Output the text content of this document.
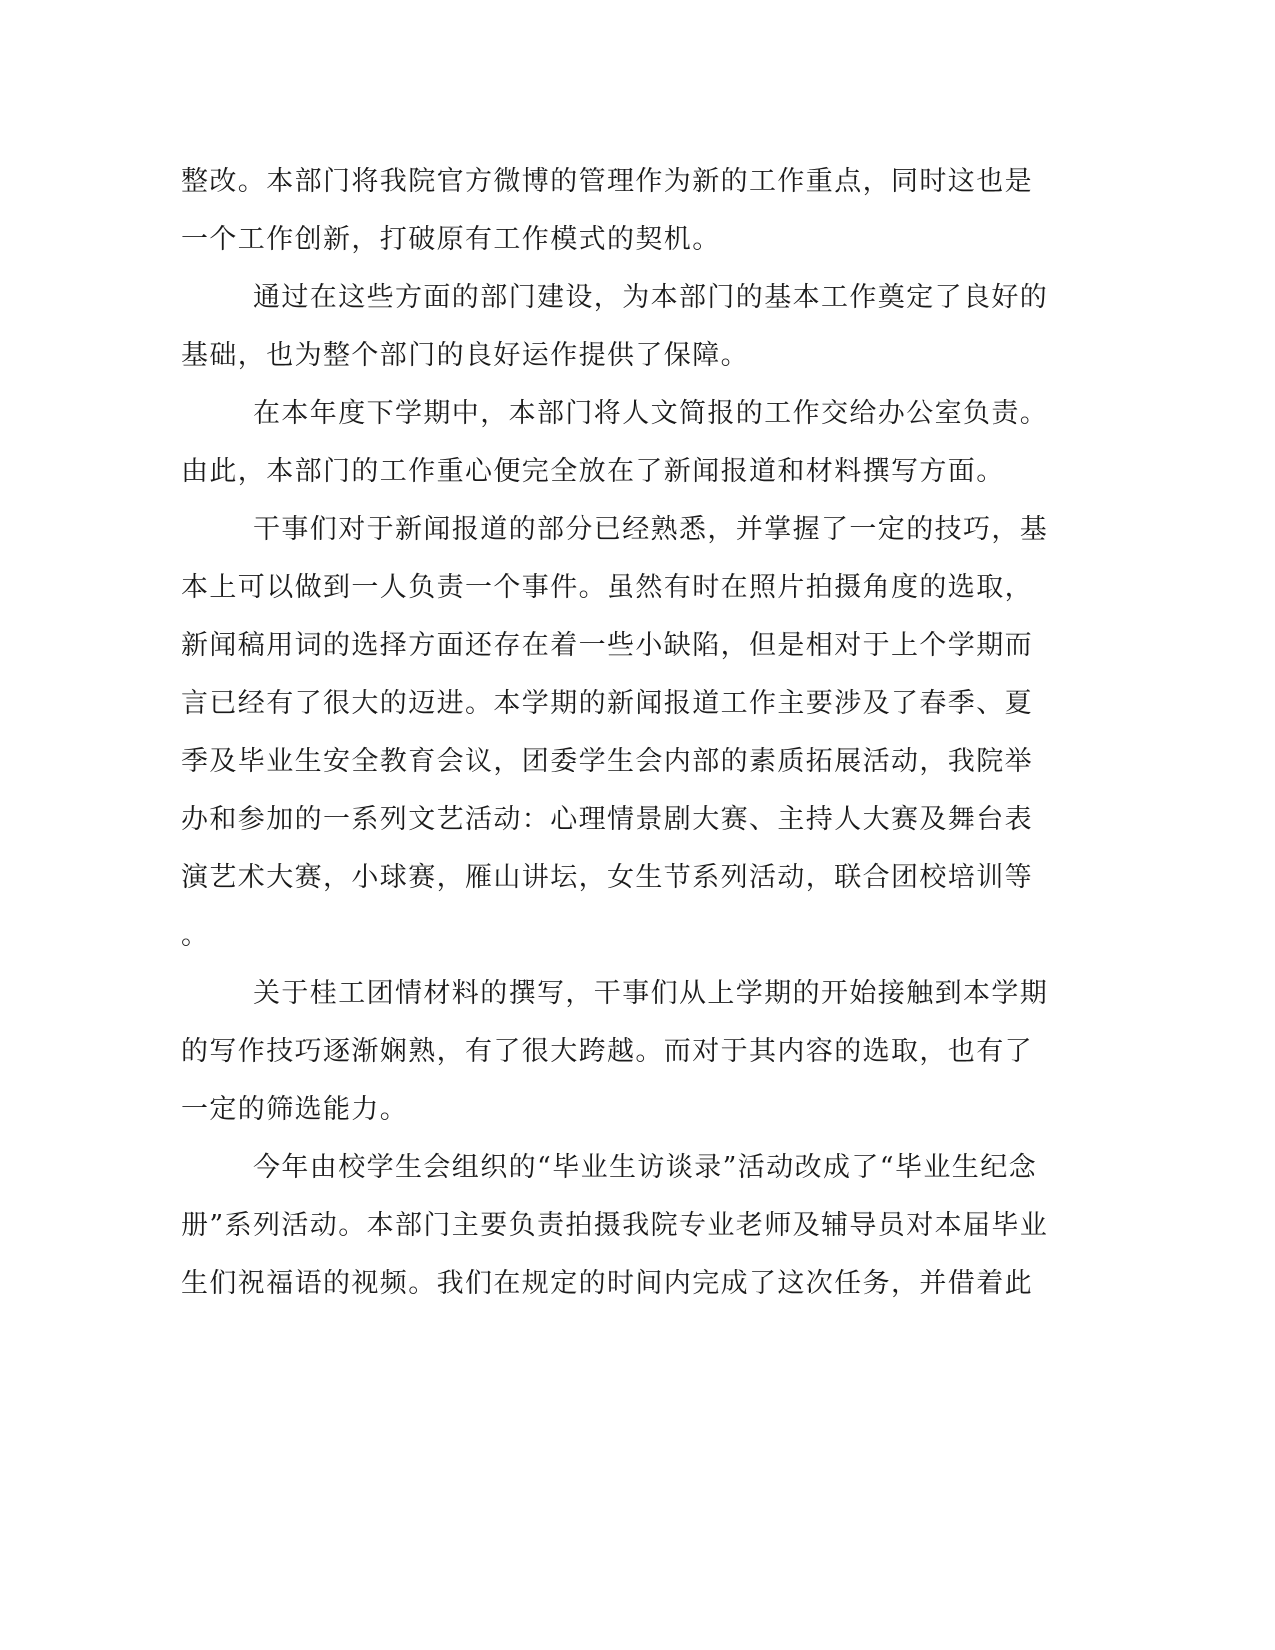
整改。本部门将我院官方微博的管理作为新的工作重点，同时这也是
一个工作创新，打破原有工作模式的契机。
通过在这些方面的部门建设，为本部门的基本工作奠定了良好的
基础，也为整个部门的良好运作提供了保障。
在本年度下学期中，本部门将人文简报的工作交给办公室负责。
由此，本部门的工作重心便完全放在了新闻报道和材料撰写方面。
干事们对于新闻报道的部分已经熟悉，并掌握了一定的技巧，基
本上可以做到一人负责一个事件。虽然有时在照片拍摄角度的选取，
新闻稿用词的选择方面还存在着一些小缺陷，但是相对于上个学期而
言已经有了很大的迈进。本学期的新闻报道工作主要涉及了春季、夏
季及毕业生安全教育会议，团委学生会内部的素质拓展活动，我院举
办和参加的一系列文艺活动：心理情景剧大赛、主持人大赛及舞台表
演艺术大赛，小球赛，雁山讲坛，女生节系列活动，联合团校培训等
。
关于桂工团情材料的撰写，干事们从上学期的开始接触到本学期
的写作技巧逐渐娴熟，有了很大跨越。而对于其内容的选取，也有了
一定的筛选能力。
今年由校学生会组织的“毕业生访谈录”活动改成了“毕业生纪念
册”系列活动。本部门主要负责拍摄我院专业老师及辅导员对本届毕业
生们祝福语的视频。我们在规定的时间内完成了这次任务，并借着此
